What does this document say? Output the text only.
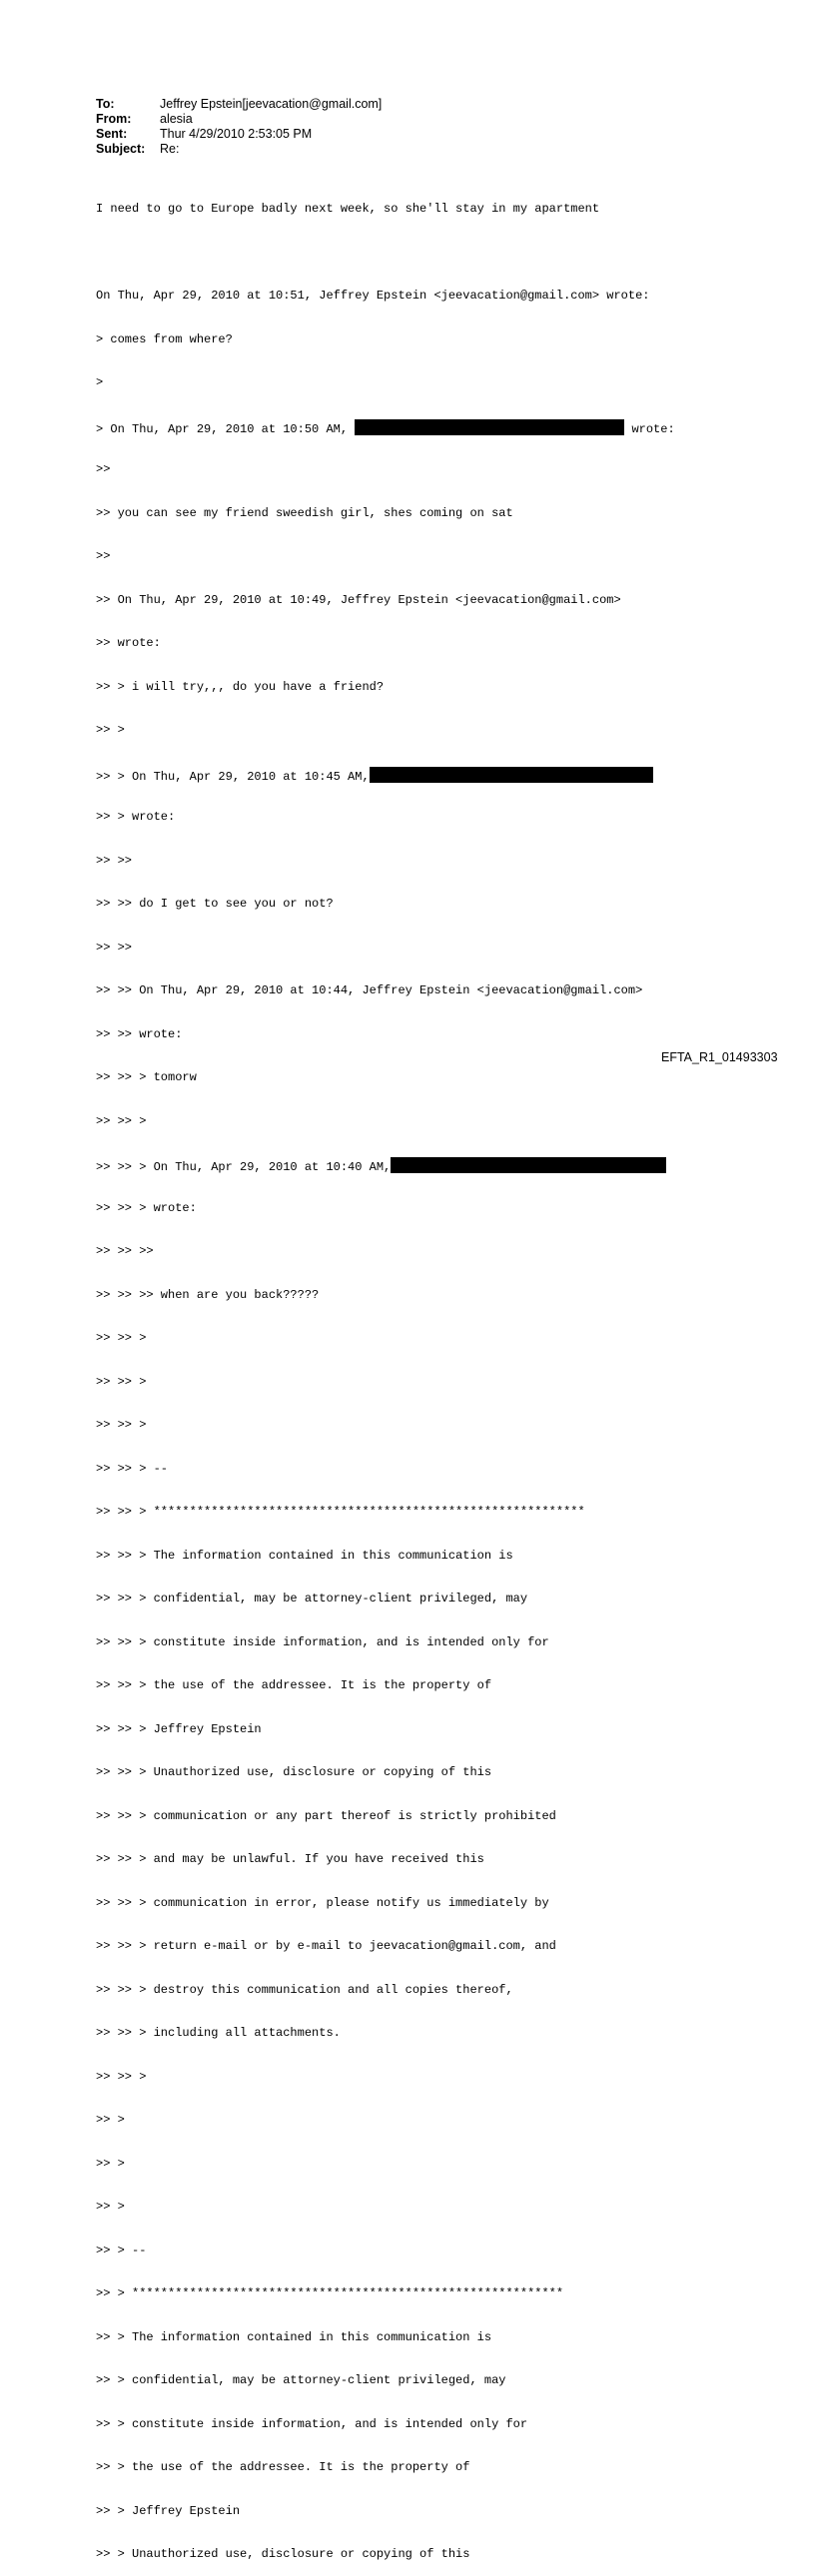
To:	Jeffrey Epstein[jeevacation@gmail.com]
From:	alesia
Sent:	Thur 4/29/2010 2:53:05 PM
Subject:	Re:

I need to go to Europe badly next week, so she'll stay in my apartment

On Thu, Apr 29, 2010 at 10:51, Jeffrey Epstein <jeevacation@gmail.com> wrote:

> comes from where?

>

> On Thu, Apr 29, 2010 at 10:50 AM,	wrote:

>>

>> you can see my friend sweedish girl, shes coming on sat

>>

>> On Thu, Apr 29, 2010 at 10:49, Jeffrey Epstein <jeevacation@gmail.com>

>> wrote:

>> > i will try,,, do you have a friend?

>> >

>> > On Thu, Apr 29, 2010 at 10:45 AM,

>> > wrote:

>> >>

>> >> do I get to see you or not?

>> >>

>> >> On Thu, Apr 29, 2010 at 10:44, Jeffrey Epstein <jeevacation@gmail.com>

>> >> wrote:

>> >> > tomorw

>> >> >

>> >> > On Thu, Apr 29, 2010 at 10:40 AM,

>> >> > wrote:

>> >> >>

>> >> >> when are you back?????

>> >> >

>> >> >

>> >> >

>> >> > --

>> >> > ************************************************************

>> >> > The information contained in this communication is

>> >> > confidential, may be attorney-client privileged, may

>> >> > constitute inside information, and is intended only for

>> >> > the use of the addressee. It is the property of

>> >> > Jeffrey Epstein

>> >> > Unauthorized use, disclosure or copying of this

>> >> > communication or any part thereof is strictly prohibited

>> >> > and may be unlawful. If you have received this

>> >> > communication in error, please notify us immediately by

>> >> > return e-mail or by e-mail to jeevacation@gmail.com, and

>> >> > destroy this communication and all copies thereof,

>> >> > including all attachments.

>> >> >

>> >

>> >

>> >

>> > --

>> > ************************************************************

>> > The information contained in this communication is

>> > confidential, may be attorney-client privileged, may

>> > constitute inside information, and is intended only for

>> > the use of the addressee. It is the property of

>> > Jeffrey Epstein

>> > Unauthorized use, disclosure or copying of this

EFTA_R1_01493303
